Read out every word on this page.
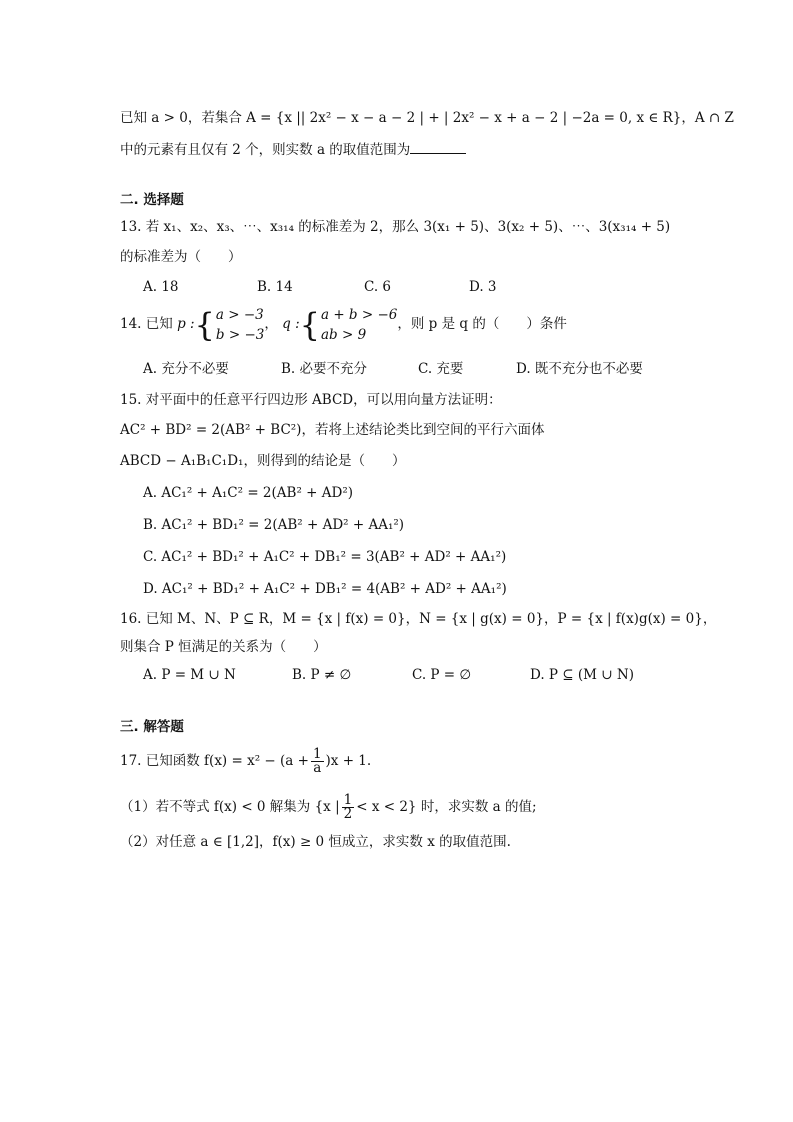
已知 a > 0，若集合 A = {x || 2x² − x − a − 2 | + | 2x² − x + a − 2 | −2a = 0, x ∈ R}，A ∩ Z
中的元素有且仅有 2 个，则实数 a 的取值范围为
二. 选择题
13. 若 x₁、x₂、x₃、⋯、x₃₁₄ 的标准差为 2，那么 3(x₁ + 5)、3(x₂ + 5)、⋯、3(x₃₁₄ + 5)
的标准差为（　　）
A. 18	B. 14	C. 6	D. 3
14. 已知 p :{ a > −3
b > −3
， q :{ a + b > −6
ab > 9
，则 p 是 q 的（　　）条件
A. 充分不必要	B. 必要不充分	C. 充要	D. 既不充分也不必要
15. 对平面中的任意平行四边形 ABCD，可以用向量方法证明：
AC² + BD² = 2(AB² + BC²)，若将上述结论类比到空间的平行六面体
ABCD − A₁B₁C₁D₁，则得到的结论是（　　）
A. AC₁² + A₁C² = 2(AB² + AD²)
B. AC₁² + BD₁² = 2(AB² + AD² + AA₁²)
C. AC₁² + BD₁² + A₁C² + DB₁² = 3(AB² + AD² + AA₁²)
D. AC₁² + BD₁² + A₁C² + DB₁² = 4(AB² + AD² + AA₁²)
16. 已知 M、N、P ⊆ R，M = {x | f(x) = 0}，N = {x | g(x) = 0}，P = {x | f(x)g(x) = 0}，
则集合 P 恒满足的关系为（　　）
A. P = M ∪ N	B. P ≠ ∅	C. P = ∅	D. P ⊆ (M ∪ N)
三. 解答题
17. 已知函数 $f(x) = x^2 - (a + \frac{1}{a} )x + 1$.
（1）若不等式 f(x) < 0 解集为 {x | $\frac{1}{2} < x < 2$} 时，求实数 a 的值;
（2）对任意 a ∈ [1,2]，f(x) ≥ 0 恒成立，求实数 x 的取值范围.
